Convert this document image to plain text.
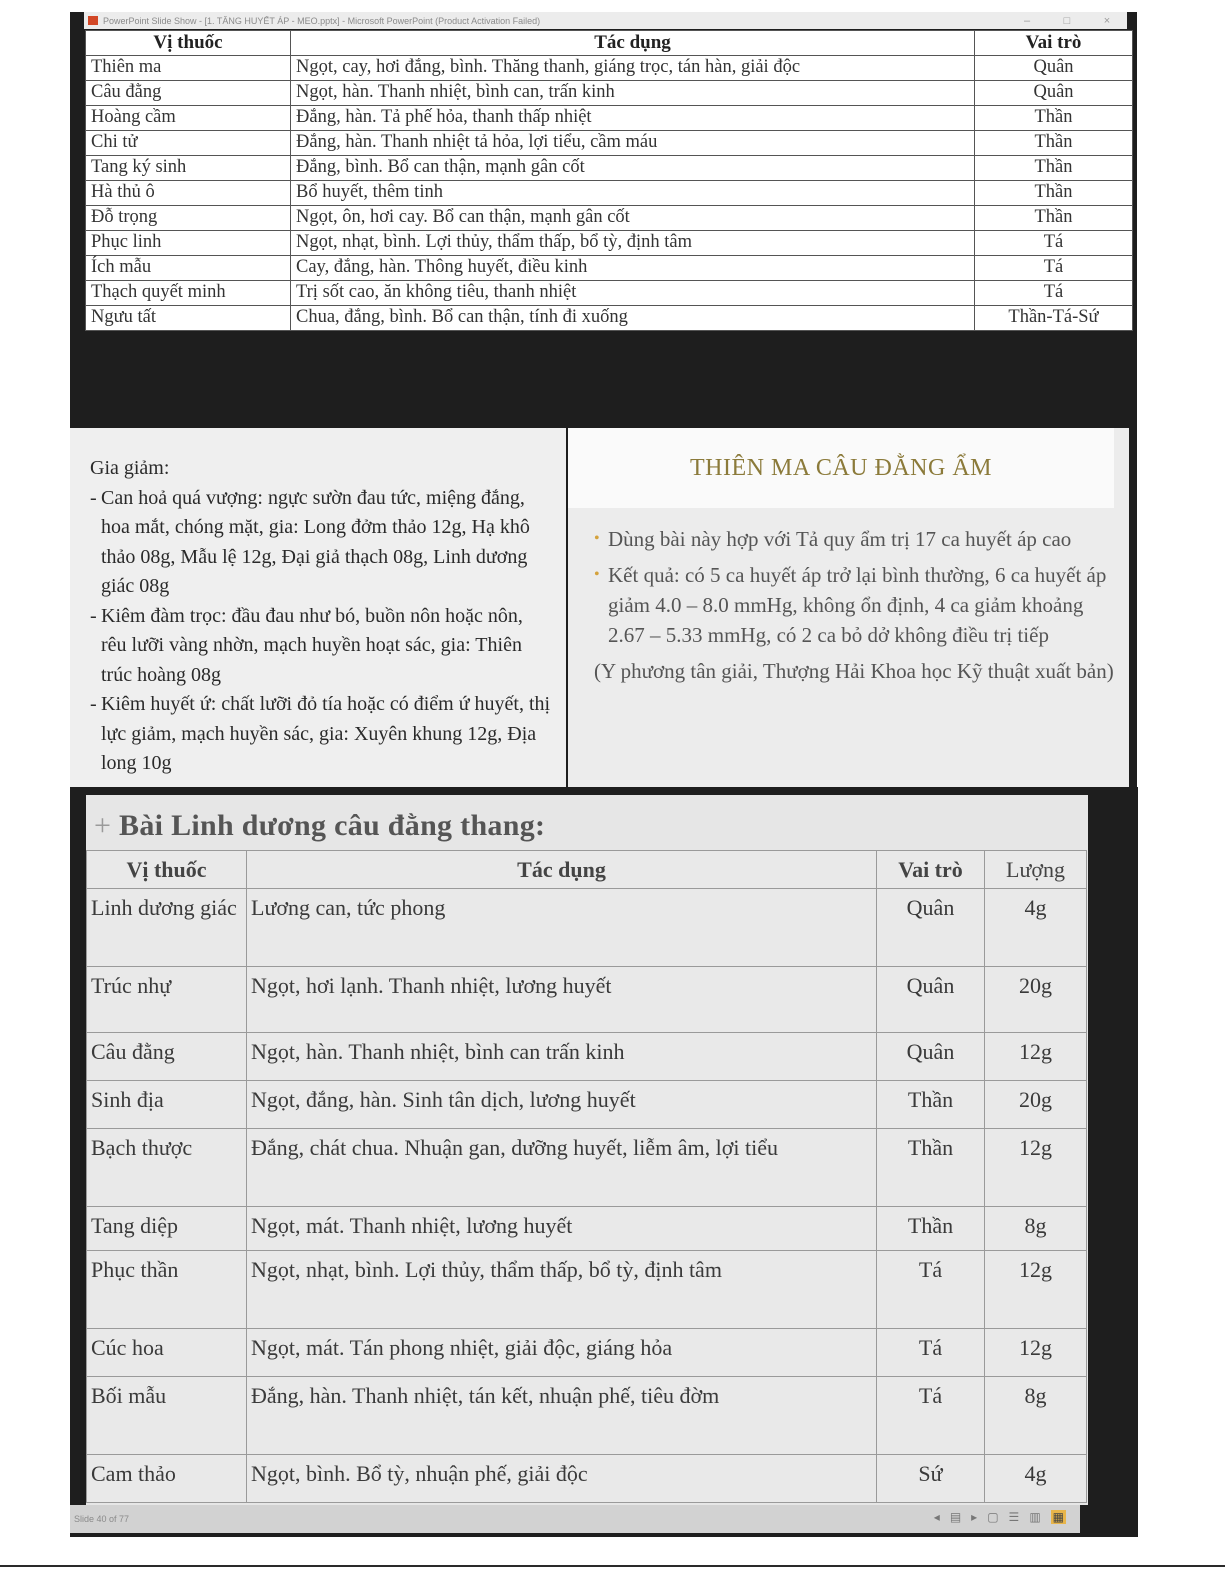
PowerPoint Slide Show - [1. TĂNG HUYẾT ÁP - MEO.pptx] - Microsoft PowerPoint (Product Activation Failed)	–	□	×
Vị thuốc	Tác dụng	Vai trò
Thiên ma	Ngọt, cay, hơi đắng, bình. Thăng thanh, giáng trọc, tán hàn, giải độc	Quân
Câu đằng	Ngọt, hàn. Thanh nhiệt, bình can, trấn kinh	Quân
Hoàng cầm	Đắng, hàn. Tả phế hỏa, thanh thấp nhiệt	Thần
Chi tử	Đắng, hàn. Thanh nhiệt tả hỏa, lợi tiểu, cầm máu	Thần
Tang ký sinh	Đắng, bình. Bổ can thận, mạnh gân cốt	Thần
Hà thủ ô	Bổ huyết, thêm tinh	Thần
Đỗ trọng	Ngọt, ôn, hơi cay. Bổ can thận, mạnh gân cốt	Thần
Phục linh	Ngọt, nhạt, bình. Lợi thủy, thẩm thấp, bổ tỳ, định tâm	Tá
Ích mẫu	Cay, đắng, hàn. Thông huyết, điều kinh	Tá
Thạch quyết minh	Trị sốt cao, ăn không tiêu, thanh nhiệt	Tá
Ngưu tất	Chua, đắng, bình. Bổ can thận, tính đi xuống	Thần-Tá-Sứ
Gia giảm:
- Can hoả quá vượng: ngực sườn đau tức, miệng đắng, hoa mắt, chóng mặt, gia: Long đởm thảo 12g, Hạ khô thảo 08g, Mẫu lệ 12g, Đại giả thạch 08g, Linh dương giác 08g
- Kiêm đàm trọc: đầu đau như bó, buồn nôn hoặc nôn, rêu lưỡi vàng nhờn, mạch huyền hoạt sác, gia: Thiên trúc hoàng 08g
- Kiêm huyết ứ: chất lưỡi đỏ tía hoặc có điểm ứ huyết, thị lực giảm, mạch huyền sác, gia: Xuyên khung 12g, Địa long 10g
THIÊN MA CÂU ĐẰNG ẨM
• Dùng bài này hợp với Tả quy ẩm trị 17 ca huyết áp cao
• Kết quả: có 5 ca huyết áp trở lại bình thường, 6 ca huyết áp giảm 4.0 – 8.0 mmHg, không ổn định, 4 ca giảm khoảng 2.67 – 5.33 mmHg, có 2 ca bỏ dở không điều trị tiếp
(Y phương tân giải, Thượng Hải Khoa học Kỹ thuật xuất bản)
+ Bài Linh dương câu đằng thang:
Vị thuốc	Tác dụng	Vai trò	Lượng
Linh dương giác	Lương can, tức phong	Quân	4g
Trúc nhự	Ngọt, hơi lạnh. Thanh nhiệt, lương huyết	Quân	20g
Câu đằng	Ngọt, hàn. Thanh nhiệt, bình can trấn kinh	Quân	12g
Sinh địa	Ngọt, đắng, hàn. Sinh tân dịch, lương huyết	Thần	20g
Bạch thược	Đắng, chát chua. Nhuận gan, dưỡng huyết, liễm âm, lợi tiểu	Thần	12g
Tang diệp	Ngọt, mát. Thanh nhiệt, lương huyết	Thần	8g
Phục thần	Ngọt, nhạt, bình. Lợi thủy, thẩm thấp, bổ tỳ, định tâm	Tá	12g
Cúc hoa	Ngọt, mát. Tán phong nhiệt, giải độc, giáng hỏa	Tá	12g
Bối mẫu	Đắng, hàn. Thanh nhiệt, tán kết, nhuận phế, tiêu đờm	Tá	8g
Cam thảo	Ngọt, bình. Bổ tỳ, nhuận phế, giải độc	Sứ	4g
Slide 40 of 77	◂ ▤ ▸ ▢ ☰ ▥ ▦
